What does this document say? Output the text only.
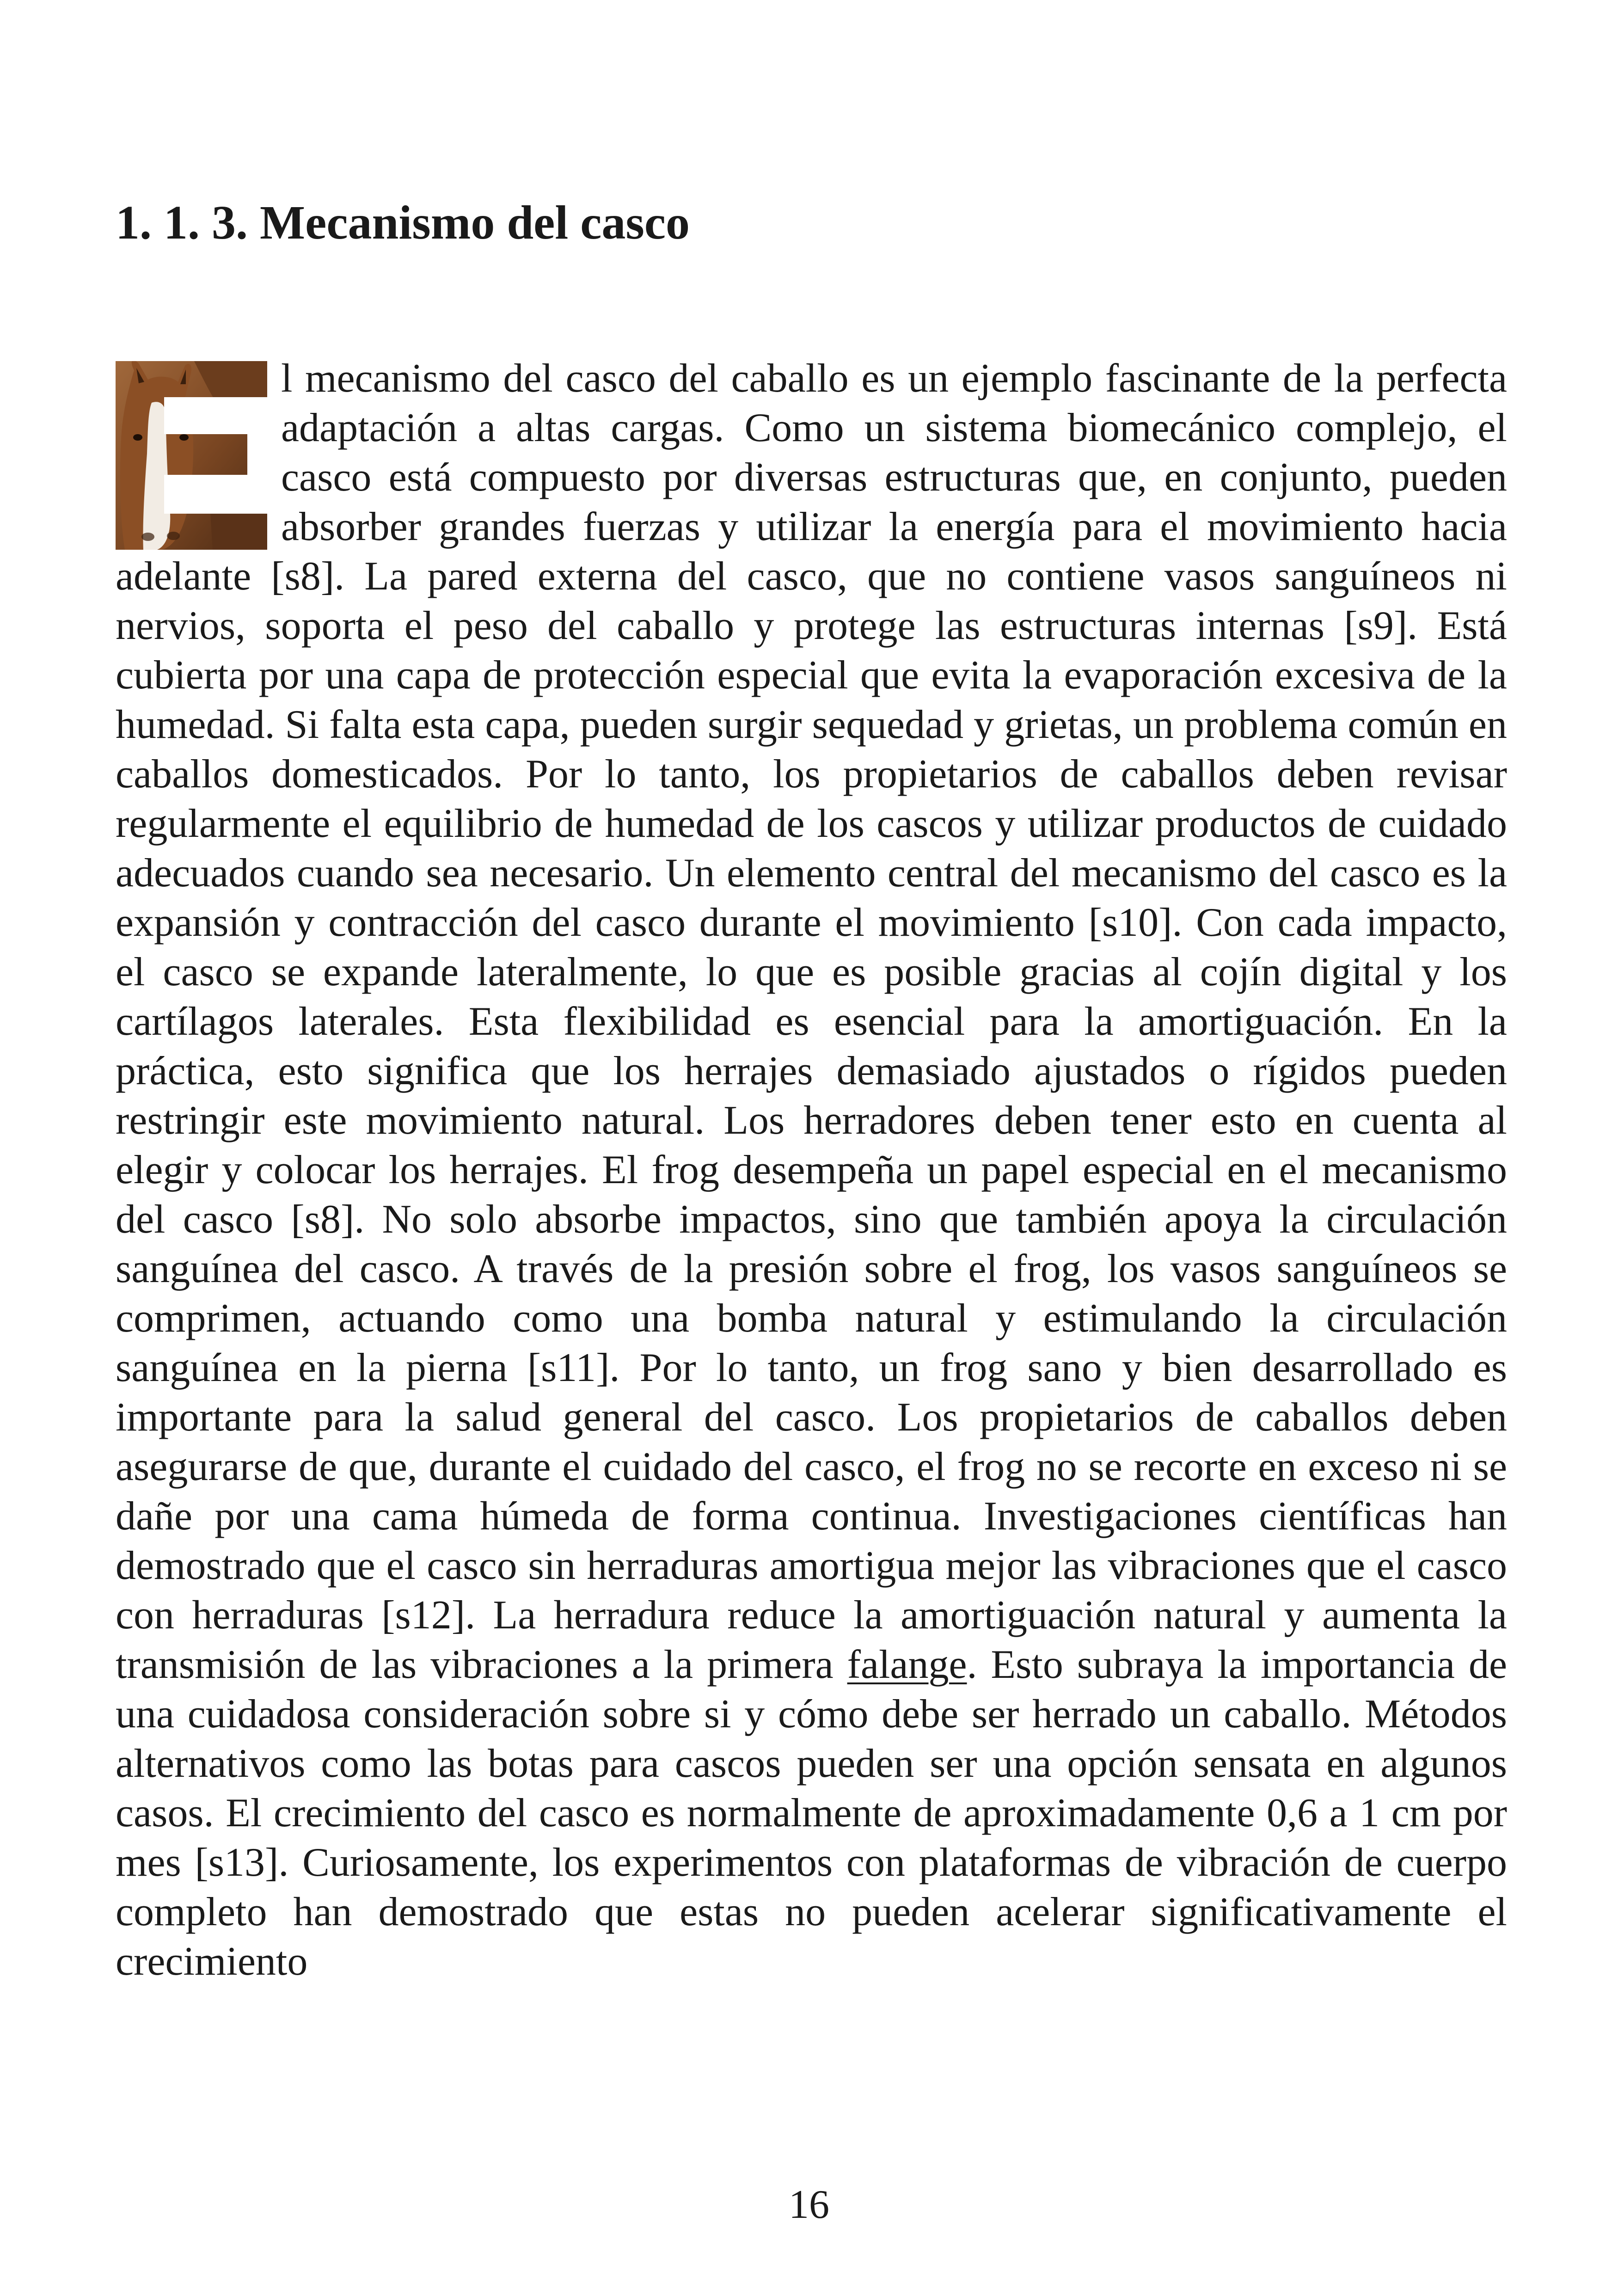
1. 1. 3. Mecanismo del casco

l mecanismo del casco del caballo es un ejemplo fascinante de la perfecta adaptación a altas cargas. Como un sistema biomecánico complejo, el casco está compuesto por diversas estructuras que, en conjunto, pueden absorber grandes fuerzas y utilizar la energía para el movimiento hacia adelante [s8]. La pared externa del casco, que no contiene vasos sanguíneos ni nervios, soporta el peso del caballo y protege las estructuras internas [s9]. Está cubierta por una capa de protección especial que evita la evaporación excesiva de la humedad. Si falta esta capa, pueden surgir sequedad y grietas, un problema común en caballos domesticados. Por lo tanto, los propietarios de caballos deben revisar regularmente el equilibrio de humedad de los cascos y utilizar productos de cuidado adecuados cuando sea necesario. Un elemento central del mecanismo del casco es la expansión y contracción del casco durante el movimiento [s10]. Con cada impacto, el casco se expande lateralmente, lo que es posible gracias al cojín digital y los cartílagos laterales. Esta flexibilidad es esencial para la amortiguación. En la práctica, esto significa que los herrajes demasiado ajustados o rígidos pueden restringir este movimiento natural. Los herradores deben tener esto en cuenta al elegir y colocar los herrajes. El frog desempeña un papel especial en el mecanismo del casco [s8]. No solo absorbe impactos, sino que también apoya la circulación sanguínea del casco. A través de la presión sobre el frog, los vasos sanguíneos se comprimen, actuando como una bomba natural y estimulando la circulación sanguínea en la pierna [s11]. Por lo tanto, un frog sano y bien desarrollado es importante para la salud general del casco. Los propietarios de caballos deben asegurarse de que, durante el cuidado del casco, el frog no se recorte en exceso ni se dañe por una cama húmeda de forma continua. Investigaciones científicas han demostrado que el casco sin herraduras amortigua mejor las vibraciones que el casco con herraduras [s12]. La herradura reduce la amortiguación natural y aumenta la transmisión de las vibraciones a la primera falange. Esto subraya la importancia de una cuidadosa consideración sobre si y cómo debe ser herrado un caballo. Métodos alternativos como las botas para cascos pueden ser una opción sensata en algunos casos. El crecimiento del casco es normalmente de aproximadamente 0,6 a 1 cm por mes [s13]. Curiosamente, los experimentos con plataformas de vibración de cuerpo completo han demostrado que estas no pueden acelerar significativamente el crecimiento

16
